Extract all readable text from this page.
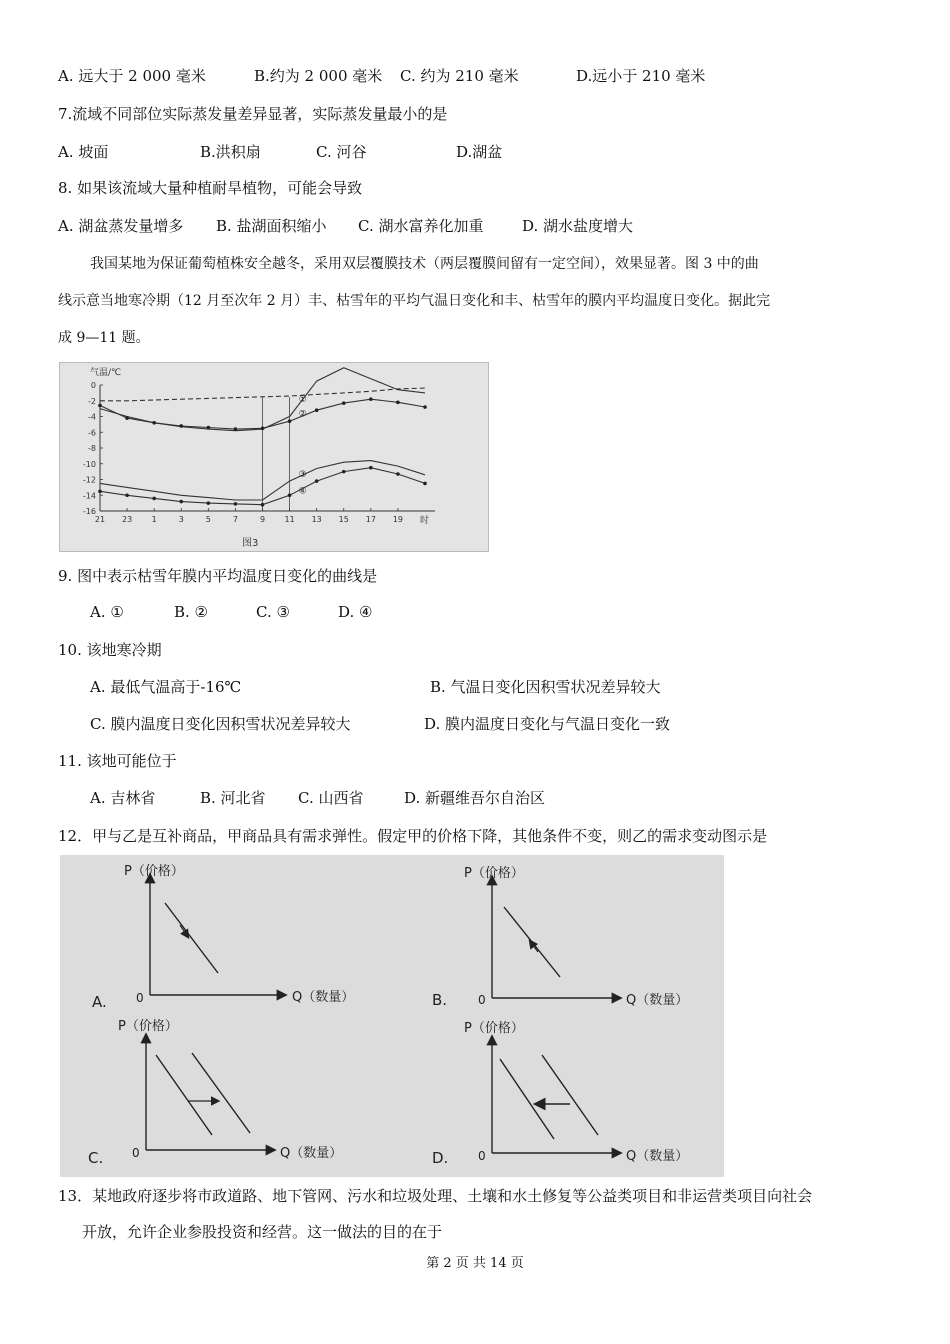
A. 远大于 2 000 毫米	B.约为 2 000 毫米 C. 约为 210 毫米	D.远小于 210 毫米
7.流域不同部位实际蒸发量差异显著，实际蒸发量最小的是
A. 坡面	B.洪积扇	C. 河谷	D.湖盆
8. 如果该流域大量种植耐旱植物，可能会导致
A. 湖盆蒸发量增多 B. 盐湖面积缩小 C. 湖水富养化加重	D. 湖水盐度增大
我国某地为保证葡萄植株安全越冬，采用双层覆膜技术（两层覆膜间留有一定空间），效果显著。图 3 中的曲
线示意当地寒冷期（12 月至次年 2 月）丰、枯雪年的平均气温日变化和丰、枯雪年的膜内平均温度日变化。据此完
成 9—11 题。
气温/℃
0
-2
-4
-6
-8
-10
-12
-14
-16
21 23 1	3	5	7	9 11 13 15 17 19
①
②
③
④
时
图3
9. 图中表示枯雪年膜内平均温度日变化的曲线是
A. ①	B. ②	C. ③	D. ④
10. 该地寒冷期
A. 最低气温高于-16℃	B. 气温日变化因积雪状况差异较大
C. 膜内温度日变化因积雪状况差异较大	D. 膜内温度日变化与气温日变化一致
11. 该地可能位于
A. 吉林省	B. 河北省 C. 山西省	D. 新疆维吾尔自治区
12．甲与乙是互补商品，甲商品具有需求弹性。假定甲的价格下降，其他条件不变，则乙的需求变动图示是
P（价格）
Q（数量）
0
A.
P（价格）
Q（数量）
0
B.
P（价格）
Q（数量）
0
C.
P（价格）
Q（数量）
0
D.
13．某地政府逐步将市政道路、地下管网、污水和垃圾处理、土壤和水土修复等公益类项目和非运营类项目向社会
开放，允许企业参股投资和经营。这一做法的目的在于
第 2 页 共 14 页
